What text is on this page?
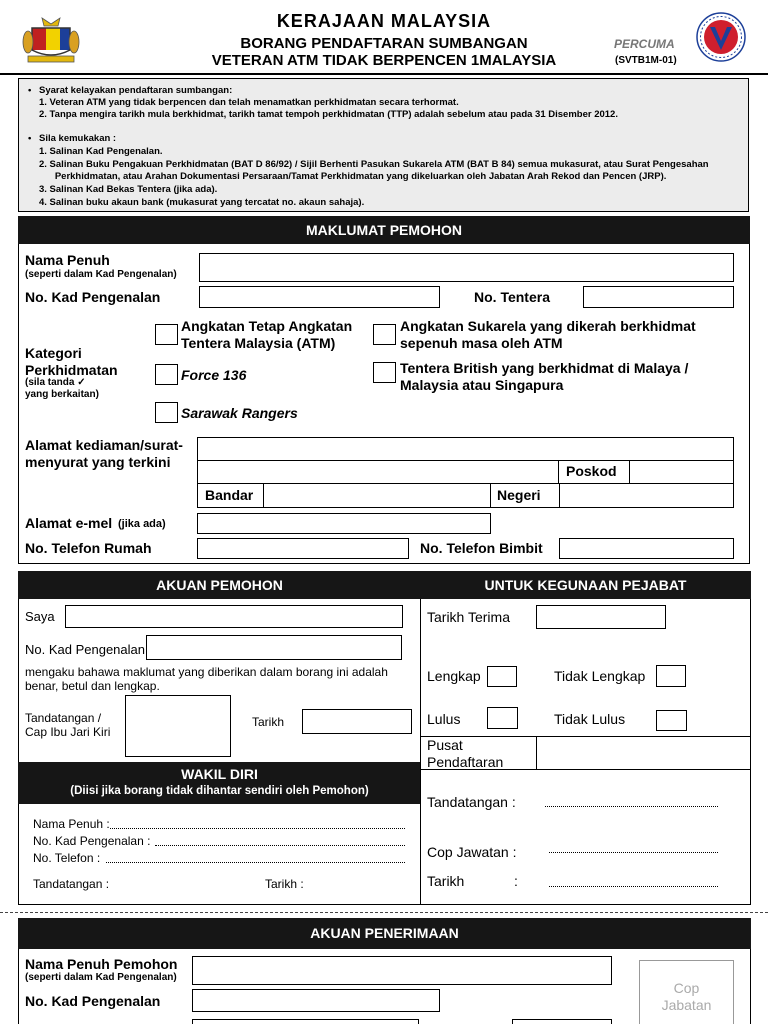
KERAJAAN MALAYSIA
BORANG PENDAFTARAN SUMBANGAN
VETERAN ATM TIDAK BERPENCEN 1MALAYSIA
PERCUMA
(SVTB1M-01)
• Syarat kelayakan pendaftaran sumbangan:
1. Veteran ATM yang tidak berpencen dan telah menamatkan perkhidmatan secara terhormat.
2. Tanpa mengira tarikh mula berkhidmat, tarikh tamat tempoh perkhidmatan (TTP) adalah sebelum atau pada 31 Disember 2012.
• Sila kemukakan :
1. Salinan Kad Pengenalan.
2. Salinan Buku Pengakuan Perkhidmatan (BAT D 86/92) / Sijil Berhenti Pasukan Sukarela ATM (BAT B 84) semua mukasurat, atau Surat Pengesahan
Perkhidmatan, atau Arahan Dokumentasi Persaraan/Tamat Perkhidmatan yang dikeluarkan oleh Jabatan Arah Rekod dan Pencen (JRP).
3. Salinan Kad Bekas Tentera (jika ada).
4. Salinan buku akaun bank (mukasurat yang tercatat no. akaun sahaja).
MAKLUMAT PEMOHON
Nama Penuh
(seperti dalam Kad Pengenalan)
No. Kad Pengenalan	No. Tentera
Kategori
Perkhidmatan
(sila tanda ✓
yang berkaitan)
Angkatan Tetap Angkatan
Tentera Malaysia (ATM)
Angkatan Sukarela yang dikerah berkhidmat
sepenuh masa oleh ATM
Force 136	Tentera British yang berkhidmat di Malaya /
Malaysia atau Singapura
Sarawak Rangers
Alamat kediaman/surat-
menyurat yang terkini
Poskod
Bandar	Negeri
Alamat e-mel (jika ada)
No. Telefon Rumah	No. Telefon Bimbit
AKUAN PEMOHON
Saya
No. Kad Pengenalan
mengaku bahawa maklumat yang diberikan dalam borang ini adalah
benar, betul dan lengkap.
Tandatangan /
Cap Ibu Jari Kiri
Tarikh
WAKIL DIRI
(Diisi jika borang tidak dihantar sendiri oleh Pemohon)
Nama Penuh :
No. Kad Pengenalan :
No. Telefon :
Tandatangan :	Tarikh :
UNTUK KEGUNAAN PEJABAT
Tarikh Terima
Lengkap	Tidak Lengkap
Lulus	Tidak Lulus
Pusat
Pendaftaran
Tandatangan :
Cop Jawatan :
Tarikh	:
AKUAN PENERIMAAN
Nama Penuh Pemohon
(seperti dalam Kad Pengenalan)
No. Kad Pengenalan
Cop
Jabatan
